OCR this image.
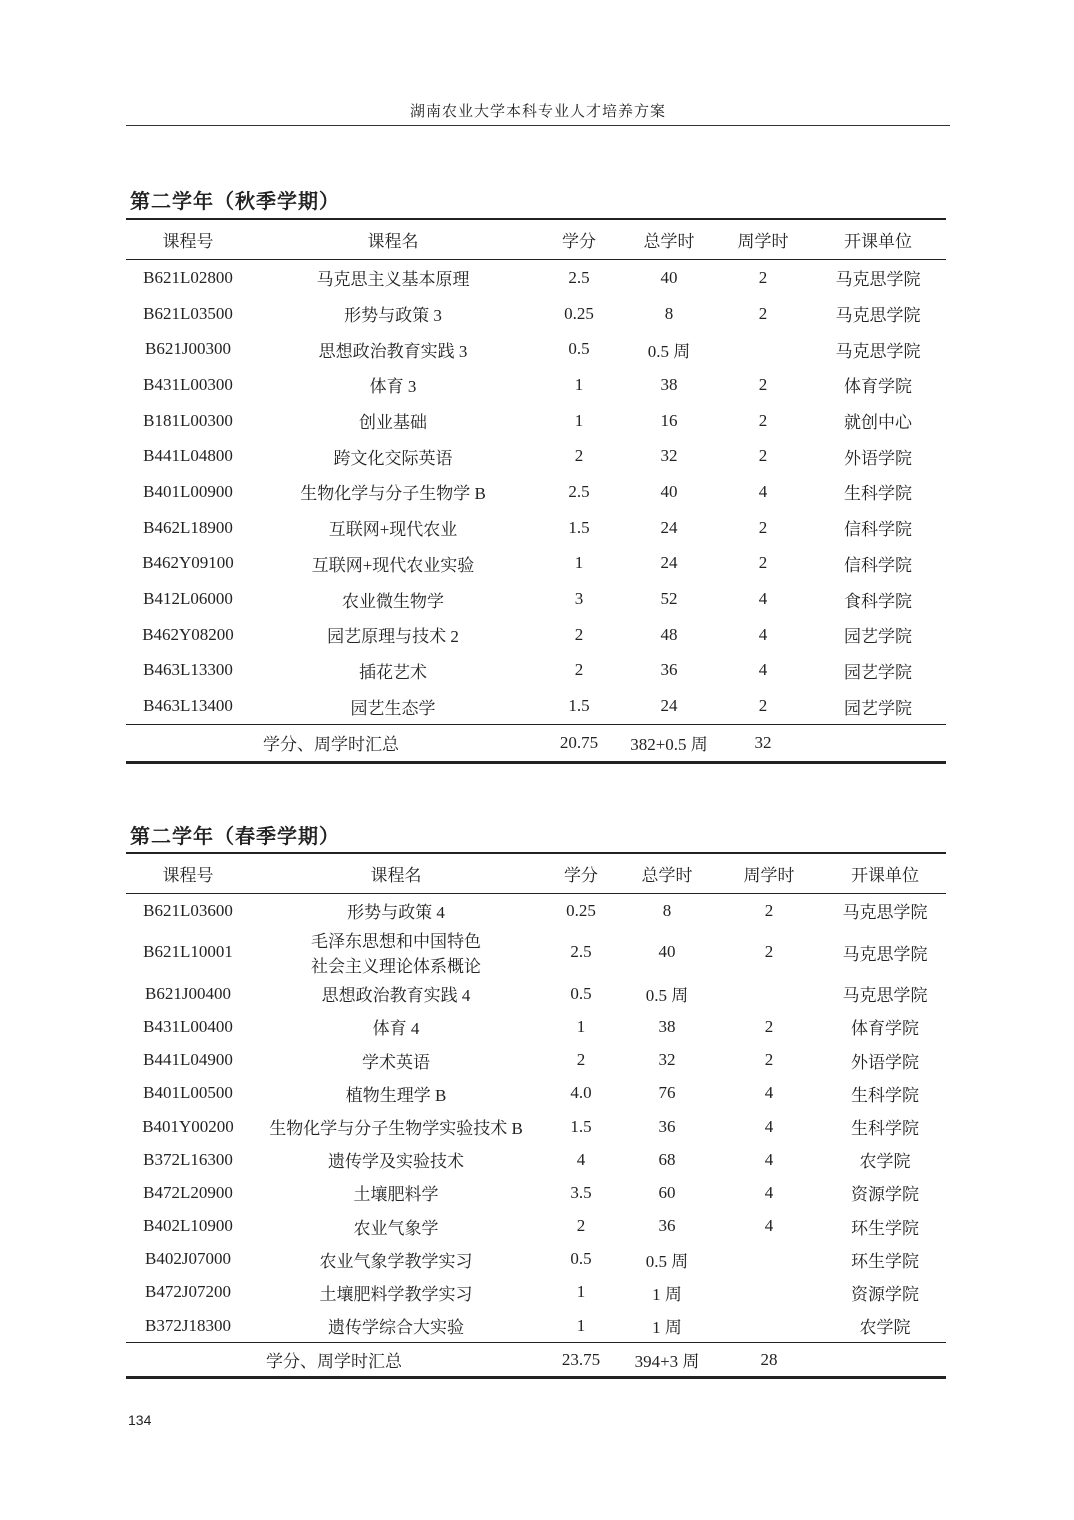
湖南农业大学本科专业人才培养方案
第二学年（秋季学期）
课程号	课程名	学分	总学时	周学时	开课单位
B621L02800	马克思主义基本原理	2.5	40	2	马克思学院
B621L03500	形势与政策 3	0.25	8	2	马克思学院
B621J00300	思想政治教育实践 3	0.5	0.5 周		马克思学院
B431L00300	体育 3	1	38	2	体育学院
B181L00300	创业基础	1	16	2	就创中心
B441L04800	跨文化交际英语	2	32	2	外语学院
B401L00900	生物化学与分子生物学 B	2.5	40	4	生科学院
B462L18900	互联网+现代农业	1.5	24	2	信科学院
B462Y09100	互联网+现代农业实验	1	24	2	信科学院
B412L06000	农业微生物学	3	52	4	食科学院
B462Y08200	园艺原理与技术 2	2	48	4	园艺学院
B463L13300	插花艺术	2	36	4	园艺学院
B463L13400	园艺生态学	1.5	24	2	园艺学院
学分、周学时汇总		20.75	382+0.5 周	32	
第二学年（春季学期）
课程号	课程名	学分	总学时	周学时	开课单位
B621L03600	形势与政策 4	0.25	8	2	马克思学院
B621L10001	毛泽东思想和中国特色
社会主义理论体系概论	2.5	40	2	马克思学院
B621J00400	思想政治教育实践 4	0.5	0.5 周		马克思学院
B431L00400	体育 4	1	38	2	体育学院
B441L04900	学术英语	2	32	2	外语学院
B401L00500	植物生理学 B	4.0	76	4	生科学院
B401Y00200	生物化学与分子生物学实验技术 B	1.5	36	4	生科学院
B372L16300	遗传学及实验技术	4	68	4	农学院
B472L20900	土壤肥料学	3.5	60	4	资源学院
B402L10900	农业气象学	2	36	4	环生学院
B402J07000	农业气象学教学实习	0.5	0.5 周		环生学院
B472J07200	土壤肥料学教学实习	1	1 周		资源学院
B372J18300	遗传学综合大实验	1	1 周		农学院
学分、周学时汇总		23.75	394+3 周	28	
134
